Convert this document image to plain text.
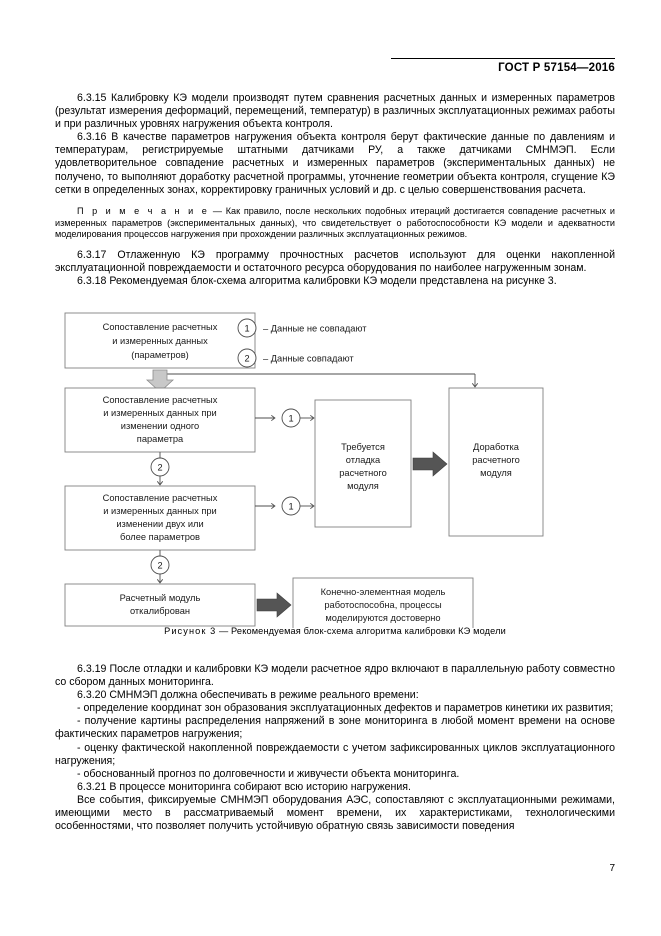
ГОСТ Р 57154—2016

6.3.15 Калибровку КЭ модели производят путем сравнения расчетных данных и измеренных параметров (результат измерения деформаций, перемещений, температур) в различных эксплуатационных режимах работы и при различных уровнях нагружения объекта контроля.

6.3.16 В качестве параметров нагружения объекта контроля берут фактические данные по давлениям и температурам, регистрируемые штатными датчиками РУ, а также датчиками СМНМЭП. Если удовлетворительное совпадение расчетных и измеренных параметров (экспериментальных данных) не получено, то выполняют доработку расчетной программы, уточнение геометрии объекта контроля, сгущение КЭ сетки в определенных зонах, корректировку граничных условий и др. с целью совершенствования расчета.

П р и м е ч а н и е — Как правило, после нескольких подобных итераций достигается совпадение расчетных и измеренных параметров (экспериментальных данных), что свидетельствует о работоспособности КЭ модели и адекватности моделирования процессов нагружения при прохождении различных эксплуатационных режимов.

6.3.17 Отлаженную КЭ программу прочностных расчетов используют для оценки накопленной эксплуатационной повреждаемости и остаточного ресурса оборудования по наиболее нагруженным зонам.

6.3.18 Рекомендуемая блок-схема алгоритма калибровки КЭ модели представлена на рисунке 3.

Сопоставление расчетных
и измеренных данных
(параметров)
1 – Данные не совпадают
2 – Данные совпадают
Сопоставление расчетных
и измеренных данных при
изменении одного
параметра
1
2
Сопоставление расчетных
и измеренных данных при
изменении двух или
более параметров
1
2
Расчетный модуль
откалиброван
Требуется
отладка
расчетного
модуля
Доработка
расчетного
модуля
Конечно-элементная модель
работоспособна, процессы
моделируются достоверно
Рисунок 3 — Рекомендуемая блок-схема алгоритма калибровки КЭ модели

6.3.19 После отладки и калибровки КЭ модели расчетное ядро включают в параллельную работу совместно со сбором данных мониторинга.

6.3.20 СМНМЭП должна обеспечивать в режиме реального времени:

- определение координат зон образования эксплуатационных дефектов и параметров кинетики их развития;

- получение картины распределения напряжений в зоне мониторинга в любой момент времени на основе фактических параметров нагружения;

- оценку фактической накопленной повреждаемости с учетом зафиксированных циклов эксплуатационного нагружения;

- обоснованный прогноз по долговечности и живучести объекта мониторинга.

6.3.21 В процессе мониторинга собирают всю историю нагружения.

Все события, фиксируемые СМНМЭП оборудования АЭС, сопоставляют с эксплуатационными режимами, имеющими место в рассматриваемый момент времени, их характеристиками, технологическими особенностями, что позволяет получить устойчивую обратную связь зависимости поведения

7
